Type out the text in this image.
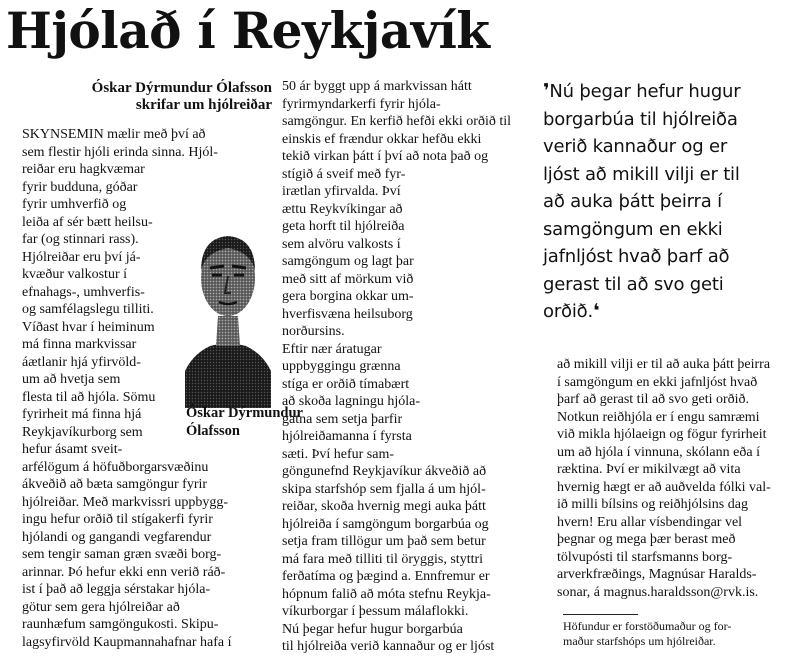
Hjólað í Reykjavík
Óskar Dýrmundur Ólafsson
skrifar um hjólreiðar
SKYNSEMIN mælir með því að
sem flestir hjóli erinda sinna. Hjól-
reiðar eru hagkvæmar
fyrir buddunа, góðar
fyrir umhverfið og
leiða af sér bætt heilsu-
far (og stinnari rass).
Hjólreiðar eru því já-
kvæður valkostur í
efnahags-, umhverfis-
og samfélagslegu tilliti.
Víðast hvar í heiminum
má finna markvissar
áætlanir hjá yfirvöld-
um að hvetja sem
flesta til að hjóla. Sömu
fyrirheit má finna hjá
Reykjavíkurborg sem
hefur ásamt sveit-
arfélögum á höfuðborgarsvæðinu
ákveðið að bæta samgöngur fyrir
hjólreiðar. Með markvissri uppbygg-
ingu hefur orðið til stígakerfi fyrir
hjólandi og gangandi vegfarendur
sem tengir saman græn svæði borg-
arinnar. Þó hefur ekki enn verið ráð-
ist í það að leggja sérstakar hjóla-
götur sem gera hjólreiðar að
raunhæfum samgöngukosti. Skipu-
lagsyfirvöld Kaupmannahafnar hafa í
Óskar Dýrmundur
Ólafsson
50 ár byggt upp á markvissan hátt
fyrirmyndarkerfi fyrir hjóla-
samgöngur. En kerfið hefði ekki orðið til
einskis ef frændur okkar hefðu ekki
tekið virkan þátt í því að nota það og
stígið á sveif með fyr-
irætlan yfirvalda. Því
ættu Reykvíkingar að
geta horft til hjólreiða
sem alvöru valkosts í
samgöngum og lagt þar
með sitt af mörkum við
gera borgina okkar um-
hverfisvæna heilsuborg
norðursins.
Eftir nær áratugar
uppbyggingu grænna
stíga er orðið tímabært
að skoða lagningu hjóla-
gatna sem setja þarfir
hjólreiðamanna í fyrsta
sæti. Því hefur sam-
göngunefnd Reykjavíkur ákveðið að
skipa starfshóp sem fjalla á um hjól-
reiðar, skoða hvernig megi auka þátt
hjólreiða í samgöngum borgarbúa og
setja fram tillögur um það sem betur
má fara með tilliti til öryggis, styttri
ferðatíma og þægind a. Ennfremur er
hópnum falið að móta stefnu Reykja-
víkurborgar í þessum málaflokki.
Nú þegar hefur hugur borgarbúa
til hjólreiða verið kannaður og er ljóst
❜Nú þegar hefur hugur
borgarbúa til hjólreiða
verið kannaður og er
ljóst að mikill vilji er til
að auka þátt þeirra í
samgöngum en ekki
jafnljóst hvað þarf að
gerast til að svo geti
orðið.❛
að mikill vilji er til að auka þátt þeirra
í samgöngum en ekki jafnljóst hvað
þarf að gerast til að svo geti orðið.
Notkun reiðhjóla er í engu samræmi
við mikla hjólaeign og fögur fyrirheit
um að hjóla í vinnuna, skólann eða í
ræktina. Því er mikilvægt að vita
hvernig hægt er að auðvelda fólki val-
ið milli bílsins og reiðhjólsins dag
hvern! Eru allar vísbendingar vel
þegnar og mega þær berast með
tölvupósti til starfsmanns borg-
arverkfræðings, Magnúsar Haralds-
sonar, á magnus.haraldsson@rvk.is.
Höfundur er forstöðumaður og for-
maður starfshóps um hjólreiðar.
